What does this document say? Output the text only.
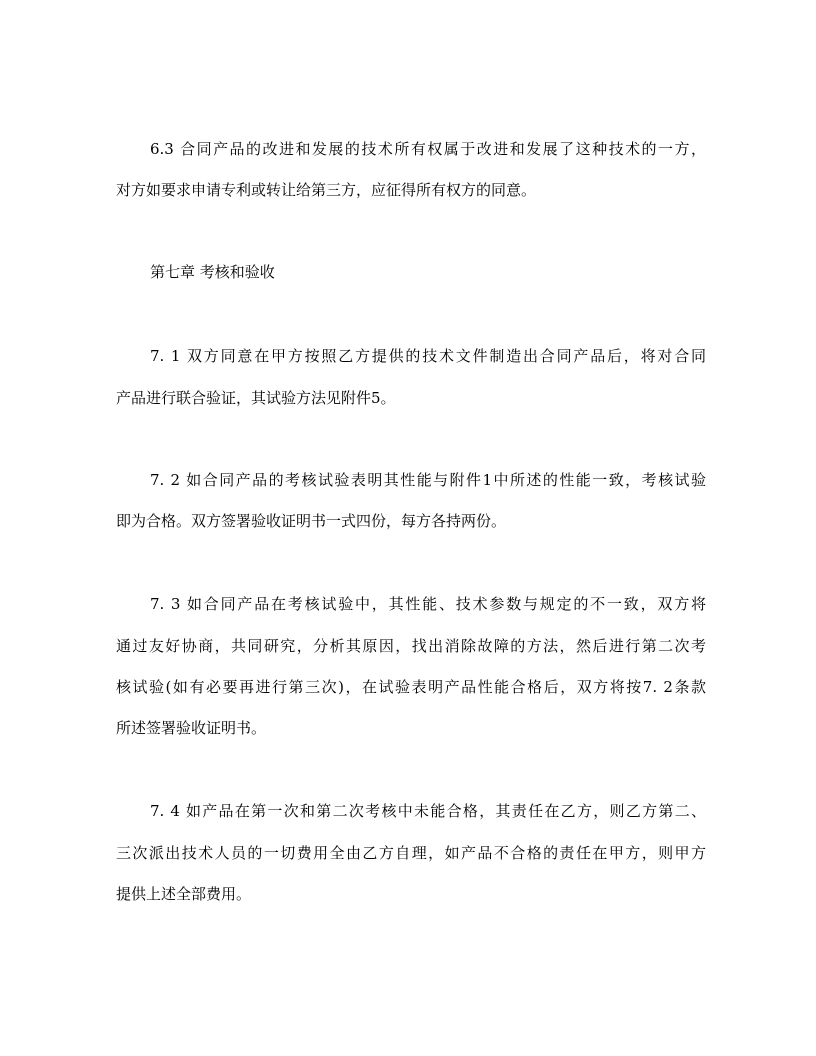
6.3 合同产品的改进和发展的技术所有权属于改进和发展了这种技术的一方，
对方如要求申请专利或转让给第三方，应征得所有权方的同意。
第七章 考核和验收
7. 1 双方同意在甲方按照乙方提供的技术文件制造出合同产品后，将对合同
产品进行联合验证，其试验方法见附件5。
7. 2 如合同产品的考核试验表明其性能与附件1中所述的性能一致，考核试验
即为合格。双方签署验收证明书一式四份，每方各持两份。
7. 3 如合同产品在考核试验中，其性能、技术参数与规定的不一致，双方将
通过友好协商，共同研究，分析其原因，找出消除故障的方法，然后进行第二次考
核试验(如有必要再进行第三次)，在试验表明产品性能合格后，双方将按7. 2条款
所述签署验收证明书。
7. 4 如产品在第一次和第二次考核中未能合格，其责任在乙方，则乙方第二、
三次派出技术人员的一切费用全由乙方自理，如产品不合格的责任在甲方，则甲方
提供上述全部费用。
